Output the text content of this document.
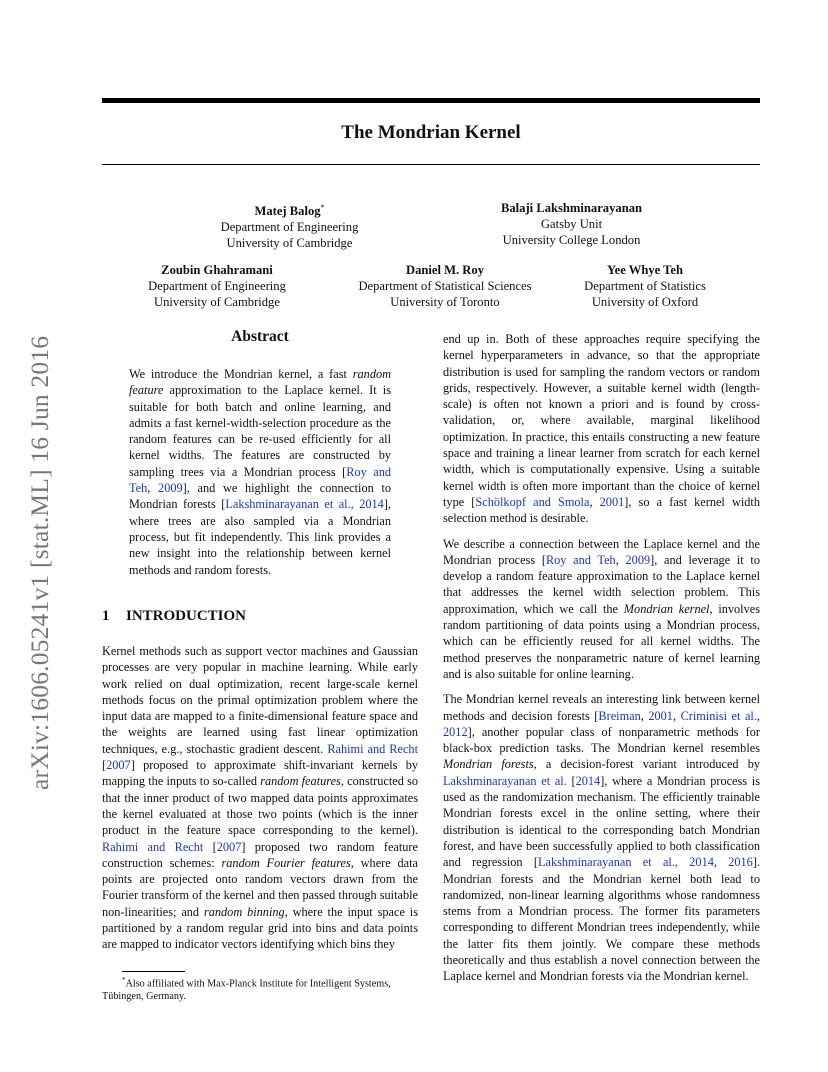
arXiv:1606.05241v1 [stat.ML] 16 Jun 2016
The Mondrian Kernel
Matej Balog*
Department of Engineering
University of Cambridge
Balaji Lakshminarayanan
Gatsby Unit
University College London
Zoubin Ghahramani
Department of Engineering
University of Cambridge
Daniel M. Roy
Department of Statistical Sciences
University of Toronto
Yee Whye Teh
Department of Statistics
University of Oxford
Abstract

We introduce the Mondrian kernel, a fast random feature approximation to the Laplace kernel. It is suitable for both batch and online learning, and admits a fast kernel-width-selection procedure as the random features can be re-used efficiently for all kernel widths. The features are constructed by sampling trees via a Mondrian process [Roy and Teh, 2009], and we highlight the connection to Mondrian forests [Lakshminarayanan et al., 2014], where trees are also sampled via a Mondrian process, but fit independently. This link provides a new insight into the relationship between kernel methods and random forests.

1 INTRODUCTION

Kernel methods such as support vector machines and Gaussian processes are very popular in machine learning. While early work relied on dual optimization, recent large-scale kernel methods focus on the primal optimization problem where the input data are mapped to a finite-dimensional feature space and the weights are learned using fast linear optimization techniques, e.g., stochastic gradient descent. Rahimi and Recht [2007] proposed to approximate shift-invariant kernels by mapping the inputs to so-called random features, constructed so that the inner product of two mapped data points approximates the kernel evaluated at those two points (which is the inner product in the feature space corresponding to the kernel). Rahimi and Recht [2007] proposed two random feature construction schemes: random Fourier features, where data points are projected onto random vectors drawn from the Fourier transform of the kernel and then passed through suitable non-linearities; and random binning, where the input space is partitioned by a random regular grid into bins and data points are mapped to indicator vectors identifying which bins they

*Also affiliated with Max-Planck Institute for Intelligent Systems, Tübingen, Germany.

end up in. Both of these approaches require specifying the kernel hyperparameters in advance, so that the appropriate distribution is used for sampling the random vectors or random grids, respectively. However, a suitable kernel width (length-scale) is often not known a priori and is found by cross-validation, or, where available, marginal likelihood optimization. In practice, this entails constructing a new feature space and training a linear learner from scratch for each kernel width, which is computationally expensive. Using a suitable kernel width is often more important than the choice of kernel type [Schölkopf and Smola, 2001], so a fast kernel width selection method is desirable.

We describe a connection between the Laplace kernel and the Mondrian process [Roy and Teh, 2009], and leverage it to develop a random feature approximation to the Laplace kernel that addresses the kernel width selection problem. This approximation, which we call the Mondrian kernel, involves random partitioning of data points using a Mondrian process, which can be efficiently reused for all kernel widths. The method preserves the nonparametric nature of kernel learning and is also suitable for online learning.

The Mondrian kernel reveals an interesting link between kernel methods and decision forests [Breiman, 2001, Criminisi et al., 2012], another popular class of nonparametric methods for black-box prediction tasks. The Mondrian kernel resembles Mondrian forests, a decision-forest variant introduced by Lakshminarayanan et al. [2014], where a Mondrian process is used as the randomization mechanism. The efficiently trainable Mondrian forests excel in the online setting, where their distribution is identical to the corresponding batch Mondrian forest, and have been successfully applied to both classification and regression [Lakshminarayanan et al., 2014, 2016]. Mondrian forests and the Mondrian kernel both lead to randomized, non-linear learning algorithms whose randomness stems from a Mondrian process. The former fits parameters corresponding to different Mondrian trees independently, while the latter fits them jointly. We compare these methods theoretically and thus establish a novel connection between the Laplace kernel and Mondrian forests via the Mondrian kernel.
